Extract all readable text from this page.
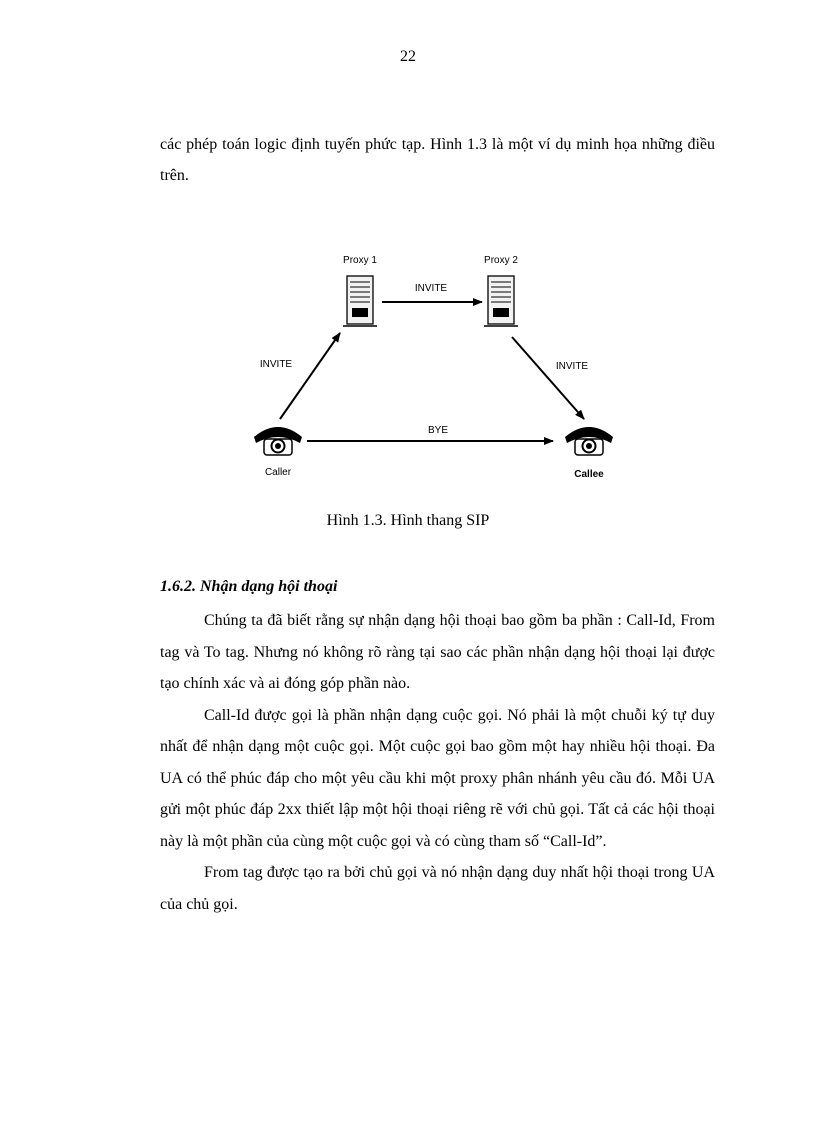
22

các phép toán logic định tuyến phức tạp. Hình 1.3 là một ví dụ minh họa những điều trên.

Proxy 1	Proxy 2
Caller	Callee
INVITE
INVITE	INVITE
BYE
Hình 1.3. Hình thang SIP
1.6.2. Nhận dạng hội thoại

Chúng ta đã biết rằng sự nhận dạng hội thoại bao gồm ba phần : Call-Id, From tag và To tag. Nhưng nó không rõ ràng tại sao các phần nhận dạng hội thoại lại được tạo chính xác và ai đóng góp phần nào.

Call-Id được gọi là phần nhận dạng cuộc gọi. Nó phải là một chuỗi ký tự duy nhất để nhận dạng một cuộc gọi. Một cuộc gọi bao gồm một hay nhiều hội thoại. Đa UA có thể phúc đáp cho một yêu cầu khi một proxy phân nhánh yêu cầu đó. Mỗi UA gửi một phúc đáp 2xx thiết lập một hội thoại riêng rẽ với chủ gọi. Tất cả các hội thoại này là một phần của cùng một cuộc gọi và có cùng tham số “Call-Id”.

From tag được tạo ra bởi chủ gọi và nó nhận dạng duy nhất hội thoại trong UA của chủ gọi.
